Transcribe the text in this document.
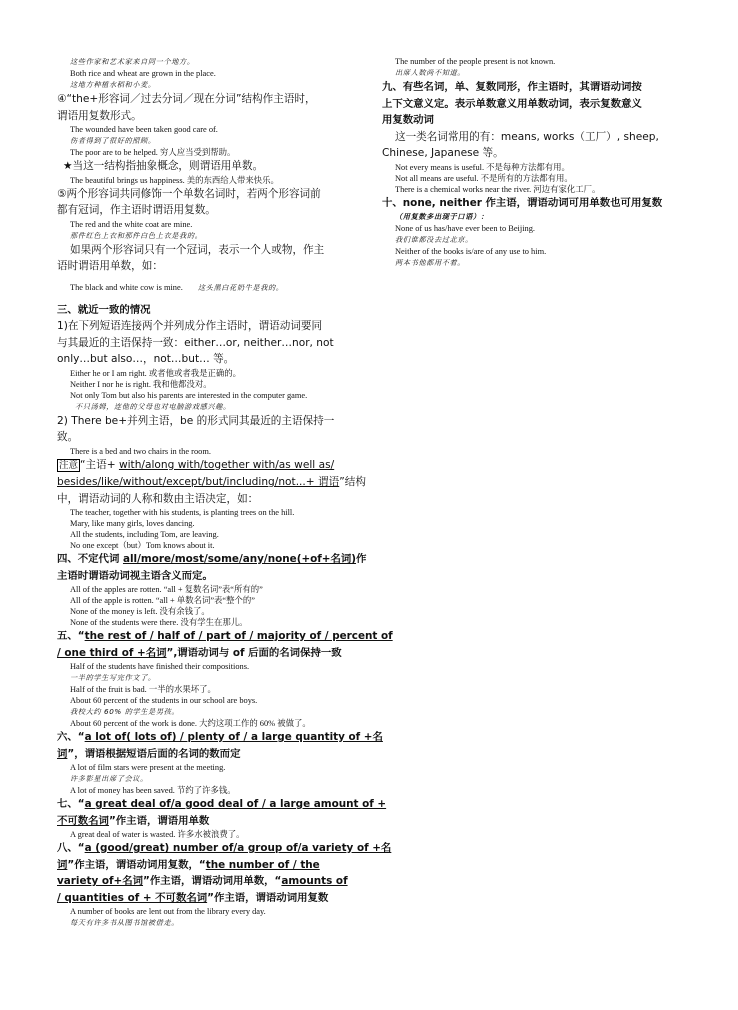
这些作家和艺术家来自同一个地方。
Both rice and wheat are grown in the place.
这地方种植水稻和小麦。
④“the+形容词／过去分词／现在分词”结构作主语时，
谓语用复数形式。
The wounded have been taken good care of.
伤者得到了很好的照顾。
The poor are to be helped. 穷人应当受到帮助。
★当这一结构指抽象概念，则谓语用单数。
The beautiful brings us happiness. 美的东西给人带来快乐。
⑤两个形容词共同修饰一个单数名词时，若两个形容词前
都有冠词，作主语时谓语用复数。
The red and the white coat are mine.
那件红色上衣和那件白色上衣是我的。
如果两个形容词只有一个冠词，表示一个人或物，作主
语时谓语用单数，如：
The black and white cow is mine. 这头黑白花奶牛是我的。
三、就近一致的情况
1)在下列短语连接两个并列成分作主语时，谓语动词要同
与其最近的主语保持一致：either…or, neither…nor, not
only…but also…，not…but… 等。
Either he or I am right. 或者他或者我是正确的。
Neither I nor he is right. 我和他都没对。
Not only Tom but also his parents are interested in the computer game.
不只汤姆，连他的父母也对电脑游戏感兴趣。
2) There be+并列主语，be 的形式同其最近的主语保持一
致。
There is a bed and two chairs in the room.
注意 “主语+ with/along with/together with/as well as/
besides/like/without/except/but/including/not...+ 谓语”结构
中，谓语动词的人称和数由主语决定，如：
The teacher, together with his students, is planting trees on the hill.
Mary, like many girls, loves dancing.
All the students, including Tom, are leaving.
No one except（but）Tom knows about it.
四、不定代词 all/more/most/some/any/none(+of+名词)作
主语时谓语动词视主语含义而定。
All of the apples are rotten. “all + 复数名词”表“所有的”
All of the apple is rotten. “all + 单数名词”表“整个的”
None of the money is left. 没有余钱了。
None of the students were there. 没有学生在那儿。
五、“the rest of / half of / part of / majority of / percent of
/ one third of +名词”,谓语动词与 of 后面的名词保持一致
Half of the students have finished their compositions.
一半的学生写完作文了。
Half of the fruit is bad. 一半的水果坏了。
About 60 percent of the students in our school are boys.
我校大约 60% 的学生是男孩。
About 60 percent of the work is done. 大约这项工作的 60% 被做了。
六、“a lot of( lots of) / plenty of / a large quantity of +名
词”，谓语根据短语后面的名词的数而定
A lot of film stars were present at the meeting.
许多影星出席了会议。
A lot of money has been saved. 节约了许多钱。
七、“a great deal of/a good deal of / a large amount of +
不可数名词”作主语，谓语用单数
A great deal of water is wasted. 许多水被浪费了。
八、“a (good/great) number of/a group of/a variety of +名
词”作主语，谓语动词用复数，“the number of / the
variety of+名词”作主语，谓语动词用单数，“amounts of
/ quantities of + 不可数名词”作主语，谓语动词用复数
A number of books are lent out from the library every day.
每天有许多书从图书馆被借走。
The number of the people present is not known.
出席人数尚不知道。
九、有些名词，单、复数同形，作主语时，其谓语动词按
上下文意义定。表示单数意义用单数动词，表示复数意义
用复数动词
这一类名词常用的有：means, works（工厂）, sheep,
Chinese, Japanese 等。
Not every means is useful. 不是每种方法都有用。
Not all means are useful. 不是所有的方法都有用。
There is a chemical works near the river. 河边有家化工厂。
十、none, neither 作主语，谓语动词可用单数也可用复数
（用复数多出现于口语）：
None of us has/have ever been to Beijing.
我们谁都没去过北京。
Neither of the books is/are of any use to him.
两本书他都用不着。
